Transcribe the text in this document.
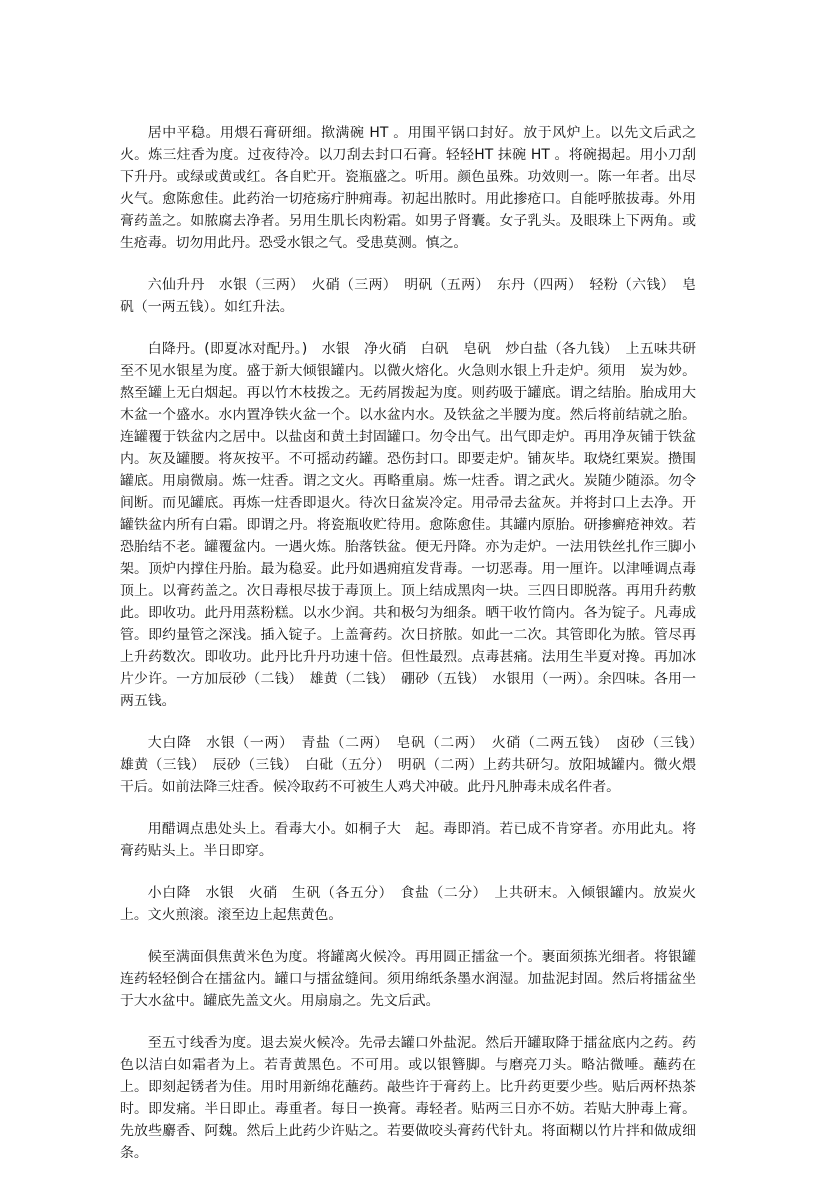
居中平稳。用煨石膏研细。揿满碗 HT 。用围平锅口封好。放于风炉上。以先文后武之火。炼三炷香为度。过夜待冷。以刀刮去封口石膏。轻轻HT 抹碗 HT 。将碗揭起。用小刀刮下升丹。或绿或黄或红。各自贮开。瓷瓶盛之。听用。颜色虽殊。功效则一。陈一年者。出尽火气。愈陈愈佳。此药治一切疮疡疔肿痈毒。初起出脓时。用此掺疮口。自能呼脓拔毒。外用膏药盖之。如脓腐去净者。另用生肌长肉粉霜。如男子肾囊。女子乳头。及眼珠上下两角。或生疮毒。切勿用此丹。恐受水银之气。受患莫测。慎之。

六仙升丹　水银（三两）　火硝（三两）　明矾（五两）　东丹（四两）　轻粉（六钱）　皂矾（一两五钱）。如红升法。

白降丹。(即夏冰对配丹。)　水银　净火硝　白矾　皂矾　炒白盐（各九钱）　上五味共研至不见水银星为度。盛于新大倾银罐内。以微火熔化。火急则水银上升走炉。须用　炭为妙。熬至罐上无白烟起。再以竹木枝拨之。无药屑拨起为度。则药吸于罐底。谓之结胎。胎成用大木盆一个盛水。水内置净铁火盆一个。以水盆内水。及铁盆之半腰为度。然后将前结就之胎。连罐覆于铁盆内之居中。以盐卤和黄土封固罐口。勿令出气。出气即走炉。再用净灰铺于铁盆内。灰及罐腰。将灰按平。不可摇动药罐。恐伤封口。即要走炉。铺灰毕。取烧红栗炭。攒围罐底。用扇微扇。炼一炷香。谓之文火。再略重扇。炼一炷香。谓之武火。炭随少随添。勿令间断。而见罐底。再炼一炷香即退火。待次日盆炭冷定。用帚帚去盆灰。并将封口上去净。开罐铁盆内所有白霜。即谓之丹。将瓷瓶收贮待用。愈陈愈佳。其罐内原胎。研掺癣疮神效。若恐胎结不老。罐覆盆内。一遇火炼。胎落铁盆。便无丹降。亦为走炉。一法用铁丝扎作三脚小架。顶炉内撑住丹胎。最为稳妥。此丹如遇痈疽发背毒。一切恶毒。用一厘许。以津唾调点毒顶上。以膏药盖之。次日毒根尽拔于毒顶上。顶上结成黑肉一块。三四日即脱落。再用升药敷此。即收功。此丹用蒸粉糕。以水少润。共和极匀为细条。晒干收竹筒内。各为锭子。凡毒成管。即约量管之深浅。插入锭子。上盖膏药。次日挤脓。如此一二次。其管即化为脓。管尽再上升药数次。即收功。此丹比升丹功速十倍。但性最烈。点毒甚痛。法用生半夏对搀。再加冰片少许。一方加辰砂（二钱）　雄黄（二钱）　硼砂（五钱）　水银用（一两）。余四味。各用一两五钱。

大白降　水银（一两）　青盐（二两）　皂矾（二两）　火硝（二两五钱）　卤砂（三钱）　雄黄（三钱）　辰砂（三钱）　白砒（五分）　明矾（二两）上药共研匀。放阳城罐内。微火煨干后。如前法降三炷香。候冷取药不可被生人鸡犬冲破。此丹凡肿毒未成名件者。

用醋调点患处头上。看毒大小。如桐子大　起。毒即消。若已成不肯穿者。亦用此丸。将膏药贴头上。半日即穿。

小白降　水银　火硝　生矾（各五分）　食盐（二分）　上共研末。入倾银罐内。放炭火上。文火煎滚。滚至边上起焦黄色。

候至满面俱焦黄米色为度。将罐离火候冷。再用圆正擂盆一个。裹面须拣光细者。将银罐连药轻轻倒合在擂盆内。罐口与擂盆缝间。须用绵纸条墨水润湿。加盐泥封固。然后将擂盆坐于大水盆中。罐底先盖文火。用扇扇之。先文后武。

至五寸线香为度。退去炭火候冷。先帚去罐口外盐泥。然后开罐取降于擂盆底内之药。药色以洁白如霜者为上。若青黄黑色。不可用。或以银簪脚。与磨亮刀头。略沾微唾。蘸药在上。即刻起锈者为佳。用时用新绵花蘸药。敲些许于膏药上。比升药更要少些。贴后两杯热茶时。即发痛。半日即止。毒重者。每日一换膏。毒轻者。贴两三日亦不妨。若贴大肿毒上膏。先放些麝香、阿魏。然后上此药少许贴之。若要做咬头膏药代针丸。将面糊以竹片拌和做成细条。
